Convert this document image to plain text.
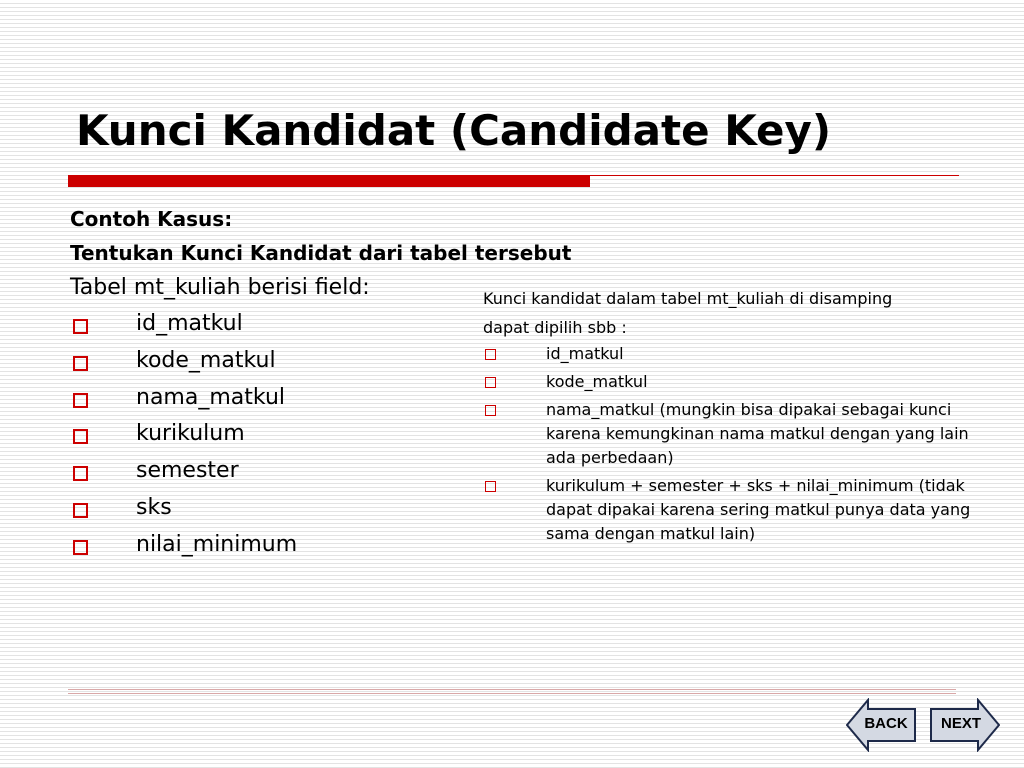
Kunci Kandidat (Candidate Key)
Contoh Kasus:
Tentukan Kunci Kandidat dari tabel tersebut
Tabel mt_kuliah berisi field:
id_matkul
kode_matkul
nama_matkul
kurikulum
semester
sks
nilai_minimum
Kunci kandidat dalam tabel mt_kuliah di disamping
dapat dipilih sbb :
id_matkul
kode_matkul
nama_matkul (mungkin bisa dipakai sebagai kunci karena kemungkinan nama matkul dengan yang lain ada perbedaan)
kurikulum + semester + sks + nilai_minimum (tidak dapat dipakai karena sering matkul punya data yang
sama dengan matkul lain)
BACK	NEXT
